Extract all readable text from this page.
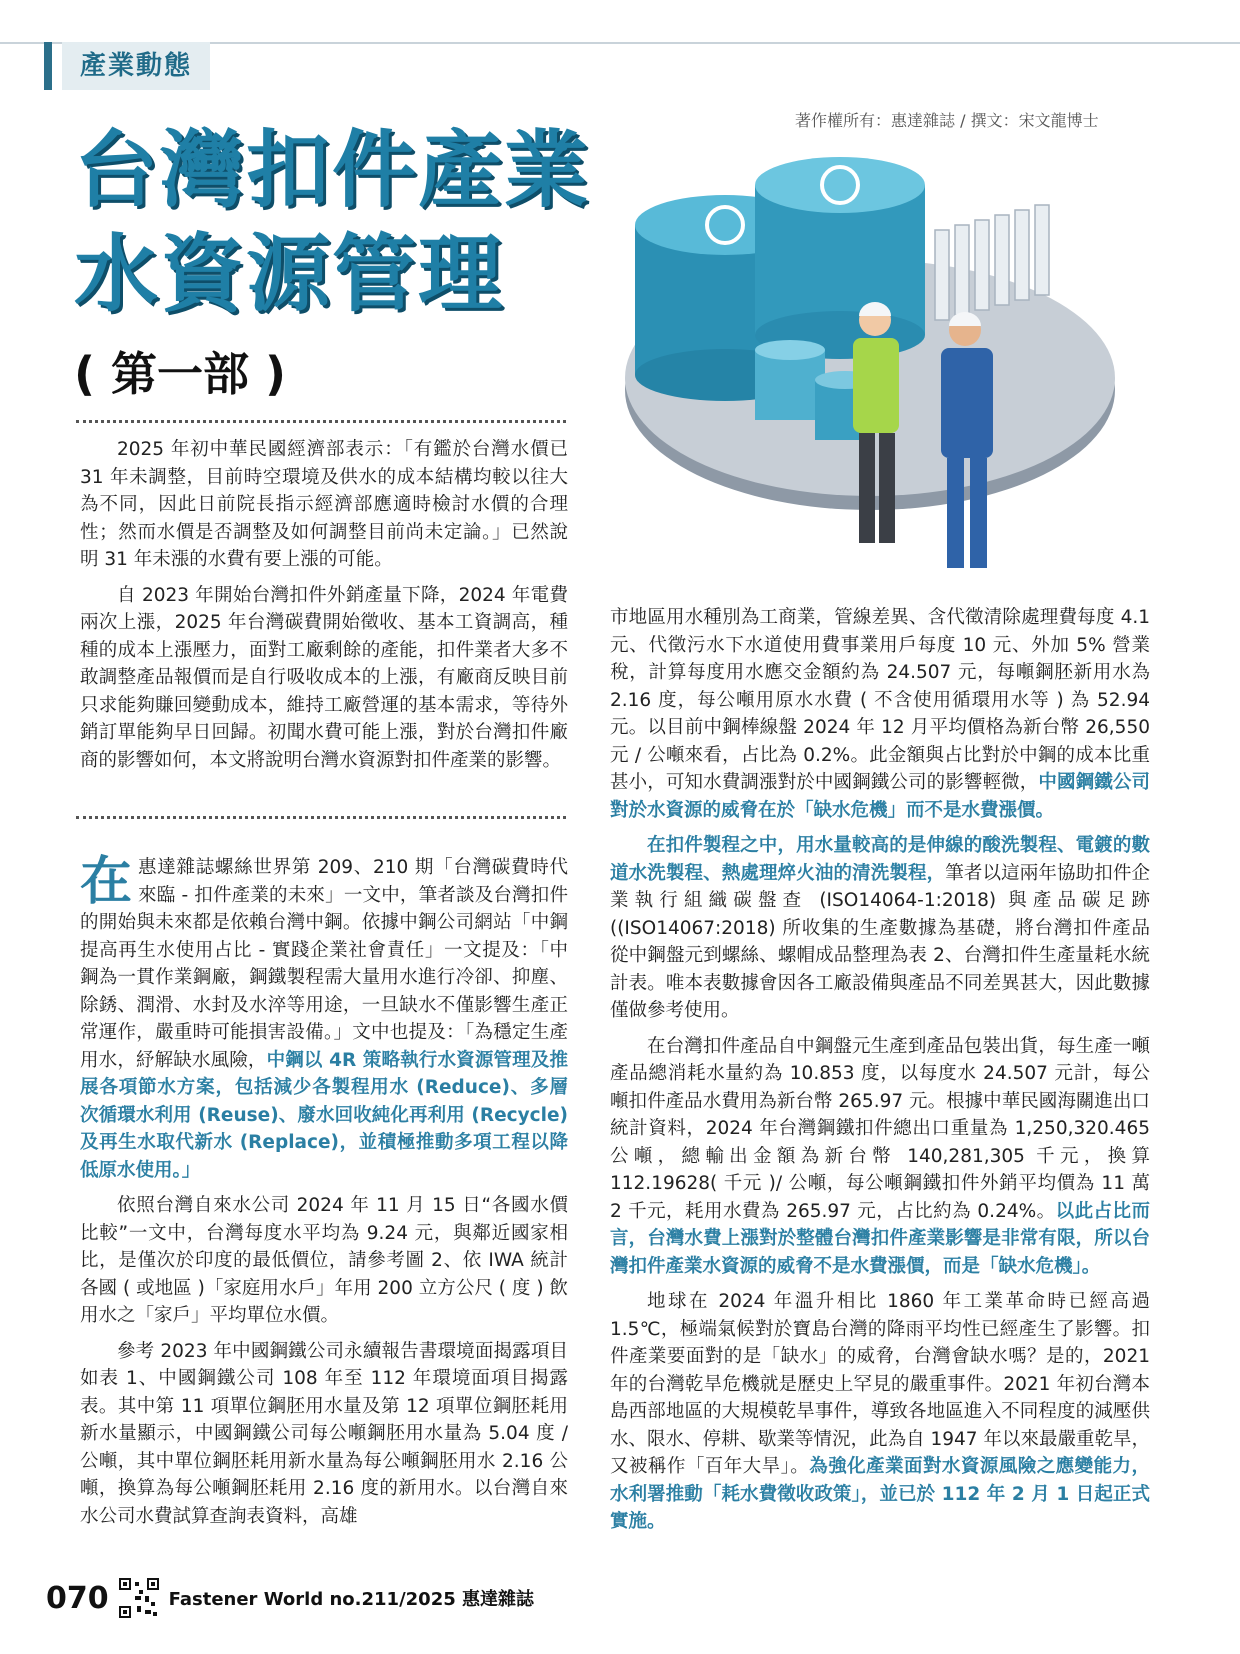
產業動態
著作權所有：惠達雜誌 / 撰文：宋文龍博士
台灣扣件產業
水資源管理
( 第一部 )

2025 年初中華民國經濟部表示：「有鑑於台灣水價已 31 年未調整，目前時空環境及供水的成本結構均較以往大為不同，因此日前院長指示經濟部應適時檢討水價的合理性；然而水價是否調整及如何調整目前尚未定論。」已然說明 31 年未漲的水費有要上漲的可能。

自 2023 年開始台灣扣件外銷產量下降，2024 年電費兩次上漲，2025 年台灣碳費開始徵收、基本工資調高，種種的成本上漲壓力，面對工廠剩餘的產能，扣件業者大多不敢調整產品報價而是自行吸收成本的上漲，有廠商反映目前只求能夠賺回變動成本，維持工廠營運的基本需求，等待外銷訂單能夠早日回歸。初聞水費可能上漲，對於台灣扣件廠商的影響如何，本文將說明台灣水資源對扣件產業的影響。

在 惠達雜誌螺絲世界第 209、210 期「台灣碳費時代來臨 - 扣件產業的未來」一文中，筆者談及台灣扣件的開始與未來都是依賴台灣中鋼。依據中鋼公司網站「中鋼提高再生水使用占比 - 實踐企業社會責任」一文提及：「中鋼為一貫作業鋼廠，鋼鐵製程需大量用水進行冷卻、抑塵、除銹、潤滑、水封及水淬等用途，一旦缺水不僅影響生產正常運作，嚴重時可能損害設備。」文中也提及：「為穩定生產用水，紓解缺水風險，中鋼以 4R 策略執行水資源管理及推展各項節水方案，包括減少各製程用水 (Reduce)、多層次循環水利用 (Reuse)、廢水回收純化再利用 (Recycle) 及再生水取代新水 (Replace)，並積極推動多項工程以降低原水使用。」

依照台灣自來水公司 2024 年 11 月 15 日“各國水價比較”一文中，台灣每度水平均為 9.24 元，與鄰近國家相比，是僅次於印度的最低價位，請參考圖 2、依 IWA 統計各國 ( 或地區 )「家庭用水戶」年用 200 立方公尺 ( 度 ) 飲用水之「家戶」平均單位水價。

參考 2023 年中國鋼鐵公司永續報告書環境面揭露項目如表 1、中國鋼鐵公司 108 年至 112 年環境面項目揭露表。其中第 11 項單位鋼胚用水量及第 12 項單位鋼胚耗用新水量顯示，中國鋼鐵公司每公噸鋼胚用水量為 5.04 度 / 公噸，其中單位鋼胚耗用新水量為每公噸鋼胚用水 2.16 公噸，換算為每公噸鋼胚耗用 2.16 度的新用水。以台灣自來水公司水費試算查詢表資料，高雄

市地區用水種別為工商業，管線差異、含代徵清除處理費每度 4.1 元、代徵污水下水道使用費事業用戶每度 10 元、外加 5% 營業稅，計算每度用水應交金額約為 24.507 元，每噸鋼胚新用水為 2.16 度，每公噸用原水水費 ( 不含使用循環用水等 ) 為 52.94 元。以目前中鋼棒線盤 2024 年 12 月平均價格為新台幣 26,550 元 / 公噸來看，占比為 0.2%。此金額與占比對於中鋼的成本比重甚小，可知水費調漲對於中國鋼鐵公司的影響輕微，中國鋼鐵公司對於水資源的威脅在於「缺水危機」而不是水費漲價。

在扣件製程之中，用水量較高的是伸線的酸洗製程、電鍍的數道水洗製程、熱處理焠火油的清洗製程，筆者以這兩年協助扣件企業執行組織碳盤查 (ISO14064-1:2018) 與產品碳足跡 ((ISO14067:2018) 所收集的生產數據為基礎，將台灣扣件產品從中鋼盤元到螺絲、螺帽成品整理為表 2、台灣扣件生產量耗水統計表。唯本表數據會因各工廠設備與產品不同差異甚大，因此數據僅做參考使用。

在台灣扣件產品自中鋼盤元生產到產品包裝出貨，每生產一噸產品總消耗水量約為 10.853 度，以每度水 24.507 元計，每公噸扣件產品水費用為新台幣 265.97 元。根據中華民國海關進出口統計資料，2024 年台灣鋼鐵扣件總出口重量為 1,250,320.465 公噸，總輸出金額為新台幣 140,281,305 千元，換算 112.19628( 千元 )/ 公噸，每公噸鋼鐵扣件外銷平均價為 11 萬 2 千元，耗用水費為 265.97 元，占比約為 0.24%。以此占比而言，台灣水費上漲對於整體台灣扣件產業影響是非常有限，所以台灣扣件產業水資源的威脅不是水費漲價，而是「缺水危機」。

地球在 2024 年溫升相比 1860 年工業革命時已經高過 1.5℃，極端氣候對於寶島台灣的降雨平均性已經產生了影響。扣件產業要面對的是「缺水」的威脅，台灣會缺水嗎？是的，2021 年的台灣乾旱危機就是歷史上罕見的嚴重事件。2021 年初台灣本島西部地區的大規模乾旱事件，導致各地區進入不同程度的減壓供水、限水、停耕、歇業等情況，此為自 1947 年以來最嚴重乾旱，又被稱作「百年大旱」。為強化產業面對水資源風險之應變能力，水利署推動「耗水費徵收政策」，並已於 112 年 2 月 1 日起正式實施。

070	Fastener World no.211/2025 惠達雜誌
